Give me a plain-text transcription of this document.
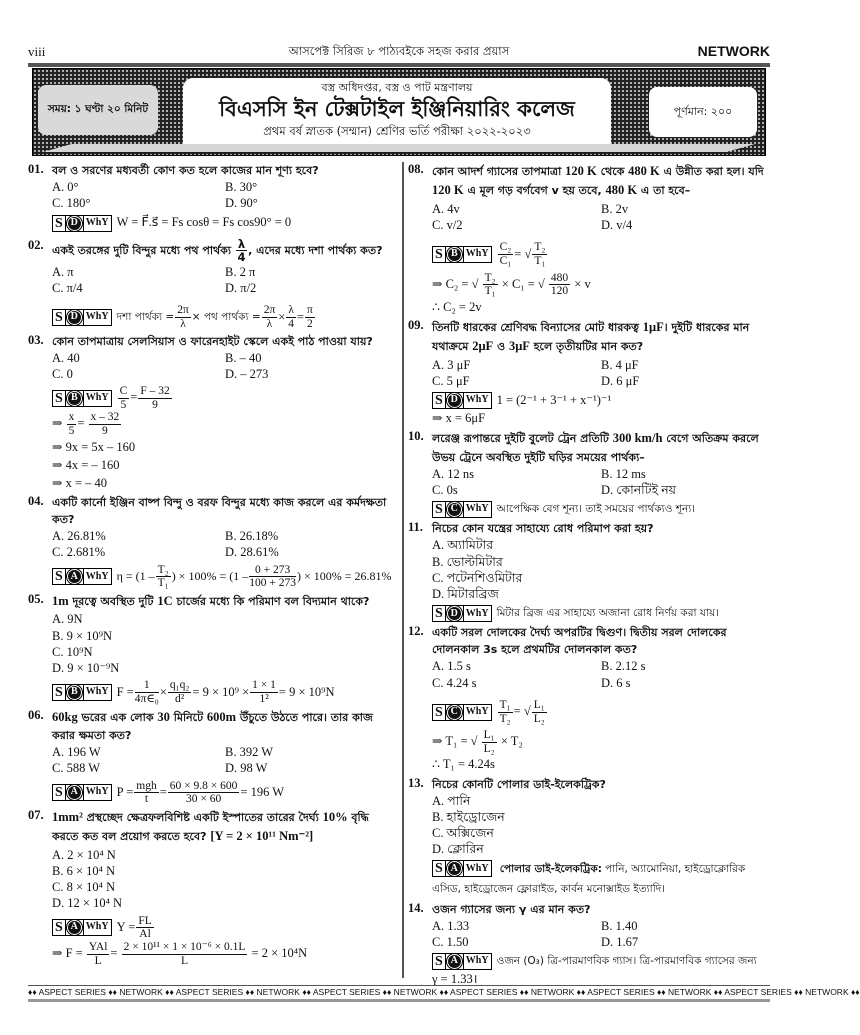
viii	আসপেক্ট সিরিজ ৮ পাঠ্যবইকে সহজ করার প্রয়াস	NETWORK
সময়: ১ ঘণ্টা ২০ মিনিট
বস্ত্র অধিদপ্তর, বস্ত্র ও পাট মন্ত্রণালয়
বিএসসি ইন টেক্সটাইল ইঞ্জিনিয়ারিং কলেজ
প্রথম বর্ষ স্নাতক (সম্মান) শ্রেণির ভর্তি পরীক্ষা ২০২২-২০২৩
পূর্ণমান: ২০০
01. বল ও সরণের মধ্যবর্তী কোণ কত হলে কাজের মান শূণ্য হবে?
A. 0°	B. 30°
C. 180°	D. 90°
S D WhY W = F⃗.s⃗ = Fs cosθ = Fs cos90° = 0
02. একই তরঙ্গের দুটি বিন্দুর মধ্যে পথ পার্থক্য $\frac{\lambda}{4}$ , এদের মধ্যে দশা পার্থক্য কত?
A. π	B. 2 π
C. π/4	D. π/2
S D WhY দশা পার্থক্য = $\frac{2\pi}{\lambda}$ × পথ পার্থক্য = $\frac{2\pi}{\lambda} \times \frac{\lambda}{4} = \frac{\pi}{2}$
03. কোন তাপমাত্রায় সেলসিয়াস ও ফারেনহাইট স্কেলে একই পাঠ পাওয়া যায়?
A. 40	B. – 40
C. 0	D. – 273
S B WhY $\frac{C}{5} = \frac{F - 32}{9}$
⇒ $\frac{x}{5} = \frac{x - 32}{9}$
⇒ 9x = 5x – 160
⇒ 4x = – 160
⇒ x = – 40
04. একটি কার্নো ইঞ্জিন বাষ্প বিন্দু ও বরফ বিন্দুর মধ্যে কাজ করলে এর কর্মদক্ষতা কত?
A. 26.81%	B. 26.18%
C. 2.681%	D. 28.61%
S A WhY $\eta = (1 - \frac{\text{T₂}}{\text{T₁}}$ ) × $100\% = (1 - \frac{0 + 273}{100 + 273}$ ) × 100% = 26.81%
05. 1m দূরত্বে অবস্থিত দুটি 1C চার্জের মধ্যে কি পরিমাণ বল বিদ্যমান থাকে?
A. 9N
B. 9 × 10⁹N
C. 10⁹N
D. 9 × 10⁻⁹N
S B WhY $F = \frac{1}{\text{4π∈₀}} \times \frac{\text{q₁q₂}}{\text{d²}} = 9 \times 10^9 \times \frac{1 \times 1}{\text{1²}} = 9 \times 10^9N$
06. 60kg ভরের এক লোক 30 মিনিটে 600m উঁচুতে উঠতে পারে। তার কাজ করার ক্ষমতা কত?
A. 196 W	B. 392 W
C. 588 W	D. 98 W
S A WhY $P = \frac{\text{mgh}}{t} = \frac{60 \times 9.8 \times 600}{30 \times 60} = 196$ W
07. 1mm² প্রস্থচ্ছেদ ক্ষেত্রফলবিশিষ্ট একটি ইস্পাতের তারের দৈর্ঘ্য 10% বৃদ্ধি করতে কত বল প্রয়োগ করতে হবে? [Y = 2 × 10¹¹ Nm⁻²]
A. 2 × 10⁴ N
B. 6 × 10⁴ N
C. 8 × 10⁴ N
D. 12 × 10⁴ N
S A WhY $Y = \frac{FL}{Al}$
⇒ $F = \frac{\text{YAl}}{L} = \frac{\text{2 × 10¹¹ × 1 × 10⁻⁶ × 0.1L}}{L} = 2 \times 10^4N$
08. কোন আদর্শ গ্যাসের তাপমাত্রা 120 K থেকে 480 K এ উন্নীত করা হল। যদি 120 K এ মূল গড় বর্গবেগ v হয় তবে, 480 K এ তা হবে–
A. 4v	B. 2v
C. v/2	D. v/4
S B WhY $\frac{\text{C₂}}{\text{C₁}}$ = √ $\frac{\text{T₂}}{\text{T₁}}$
⇒ C₂ = √ $\frac{\text{T₂}}{\text{T₁}} \times C_1$ = √ $\frac{480}{120} \times v$
∴ C₂ = 2v
09. তিনটি ধারকের শ্রেণিবদ্ধ বিন্যাসের মোট ধারকত্ব 1μF। দুইটি ধারকের মান যথাক্রমে 2μF ও 3μF হলে তৃতীয়টির মান কত?
A. 3 μF	B. 4 μF
C. 5 μF	D. 6 μF
S D WhY 1 = (2⁻¹ + 3⁻¹ + x⁻¹)⁻¹
⇒ x = 6μF
10. লরেঞ্জ রূপান্তরে দুইটি বুলেট ট্রেন প্রতিটি 300 km/h বেগে অতিক্রম করলে উভয় ট্রেনে অবস্থিত দুইটি ঘড়ির সময়ের পার্থক্য–
A. 12 ns	B. 12 ms
C. 0s	D. কোনটিই নয়
S C WhY আপেক্ষিক বেগ শূন্য। তাই সময়ের পার্থক্যও শূন্য।
11. নিচের কোন যন্ত্রের সাহায্যে রোধ পরিমাপ করা হয়?
A. অ্যামিটার
B. ভোল্টমিটার
C. পটেনশিওমিটার
D. মিটারব্রিজ
S D WhY মিটার ব্রিজ এর সাহায্যে অজানা রোধ নির্ণয় করা যায়।
12. একটি সরল দোলকের দৈর্ঘ্য অপরটির দ্বিগুণ। দ্বিতীয় সরল দোলকের দোলনকাল 3s হলে প্রথমটির দোলনকাল কত?
A. 1.5 s	B. 2.12 s
C. 4.24 s	D. 6 s
S C WhY $\frac{\text{T₁}}{\text{T₂}}$ = √ $\frac{\text{L₁}}{\text{L₂}}$
⇒ T₁ = √ $\frac{\text{L₁}}{\text{L₂}} \times T_2$
∴ T₁ = 4.24s
13. নিচের কোনটি পোলার ডাই-ইলেকট্রিক?
A. পানি
B. হাইড্রোজেন
C. অক্সিজেন
D. ক্লোরিন
S A WhY পোলার ডাই-ইলেকট্রিক: পানি, অ্যামোনিয়া, হাইড্রোক্লোরিক এসিড, হাইড্রোজেন ফ্লোরাইড, কার্বন মনোক্সাইড ইত্যাদি।
14. ওজন গ্যাসের জন্য γ এর মান কত?
A. 1.33	B. 1.40
C. 1.50	D. 1.67
S A WhY ওজন (O₃) ত্রি-পারমাণবিক গ্যাস। ত্রি-পারমাণবিক গ্যাসের জন্য
γ = 1.33।
♦♦ ASPECT SERIES ♦♦ NETWORK ♦♦ ASPECT SERIES ♦♦ NETWORK ♦♦ ASPECT SERIES ♦♦ NETWORK ♦♦ ASPECT SERIES ♦♦ NETWORK ♦♦ ASPECT SERIES ♦♦ NETWORK ♦♦ ASPECT SERIES ♦♦ NETWORK ♦♦
